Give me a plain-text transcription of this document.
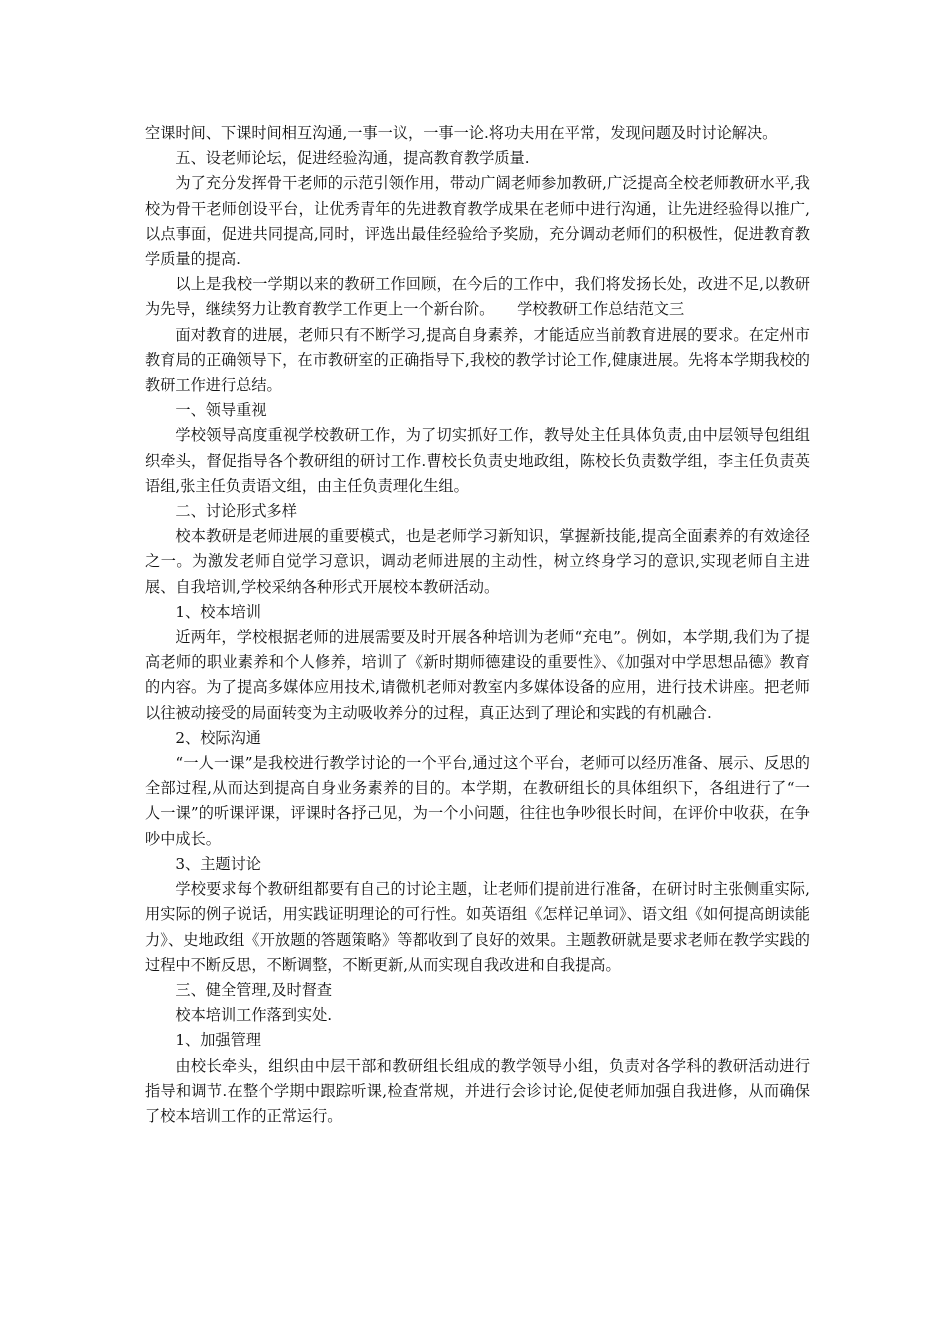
空课时间、下课时间相互沟通,一事一议，一事一论.将功夫用在平常，发现问题及时讨论解决。

五、设老师论坛，促进经验沟通，提高教育教学质量.

为了充分发挥骨干老师的示范引领作用，带动广阔老师参加教研,广泛提高全校老师教研水平,我校为骨干老师创设平台，让优秀青年的先进教育教学成果在老师中进行沟通，让先进经验得以推广,以点事面，促进共同提高,同时，评选出最佳经验给予奖励，充分调动老师们的积极性，促进教育教学质量的提高.

以上是我校一学期以来的教研工作回顾，在今后的工作中，我们将发扬长处，改进不足,以教研为先导，继续努力让教育教学工作更上一个新台阶。　　学校教研工作总结范文三

面对教育的进展，老师只有不断学习,提高自身素养，才能适应当前教育进展的要求。在定州市教育局的正确领导下，在市教研室的正确指导下,我校的教学讨论工作,健康进展。先将本学期我校的教研工作进行总结。

一、领导重视

学校领导高度重视学校教研工作，为了切实抓好工作，教导处主任具体负责,由中层领导包组组织牵头，督促指导各个教研组的研讨工作.曹校长负责史地政组，陈校长负责数学组，李主任负责英语组,张主任负责语文组，由主任负责理化生组。

二、讨论形式多样

校本教研是老师进展的重要模式，也是老师学习新知识，掌握新技能,提高全面素养的有效途径之一。为激发老师自觉学习意识，调动老师进展的主动性，树立终身学习的意识,实现老师自主进展、自我培训,学校采纳各种形式开展校本教研活动。

1、校本培训

近两年，学校根据老师的进展需要及时开展各种培训为老师“充电”。例如，本学期,我们为了提高老师的职业素养和个人修养，培训了《新时期师德建设的重要性》、《加强对中学思想品德》教育的内容。为了提高多媒体应用技术,请微机老师对教室内多媒体设备的应用，进行技术讲座。把老师以往被动接受的局面转变为主动吸收养分的过程，真正达到了理论和实践的有机融合.

2、校际沟通

“一人一课”是我校进行教学讨论的一个平台,通过这个平台，老师可以经历准备、展示、反思的全部过程,从而达到提高自身业务素养的目的。本学期，在教研组长的具体组织下，各组进行了“一人一课”的听课评课，评课时各抒己见，为一个小问题，往往也争吵很长时间，在评价中收获，在争吵中成长。

3、主题讨论

学校要求每个教研组都要有自己的讨论主题，让老师们提前进行准备，在研讨时主张侧重实际,用实际的例子说话，用实践证明理论的可行性。如英语组《怎样记单词》、语文组《如何提高朗读能力》、史地政组《开放题的答题策略》等都收到了良好的效果。主题教研就是要求老师在教学实践的过程中不断反思，不断调整，不断更新,从而实现自我改进和自我提高。

三、健全管理,及时督查

校本培训工作落到实处.

1、加强管理

由校长牵头，组织由中层干部和教研组长组成的教学领导小组，负责对各学科的教研活动进行指导和调节.在整个学期中跟踪听课,检查常规，并进行会诊讨论,促使老师加强自我进修，从而确保了校本培训工作的正常运行。
